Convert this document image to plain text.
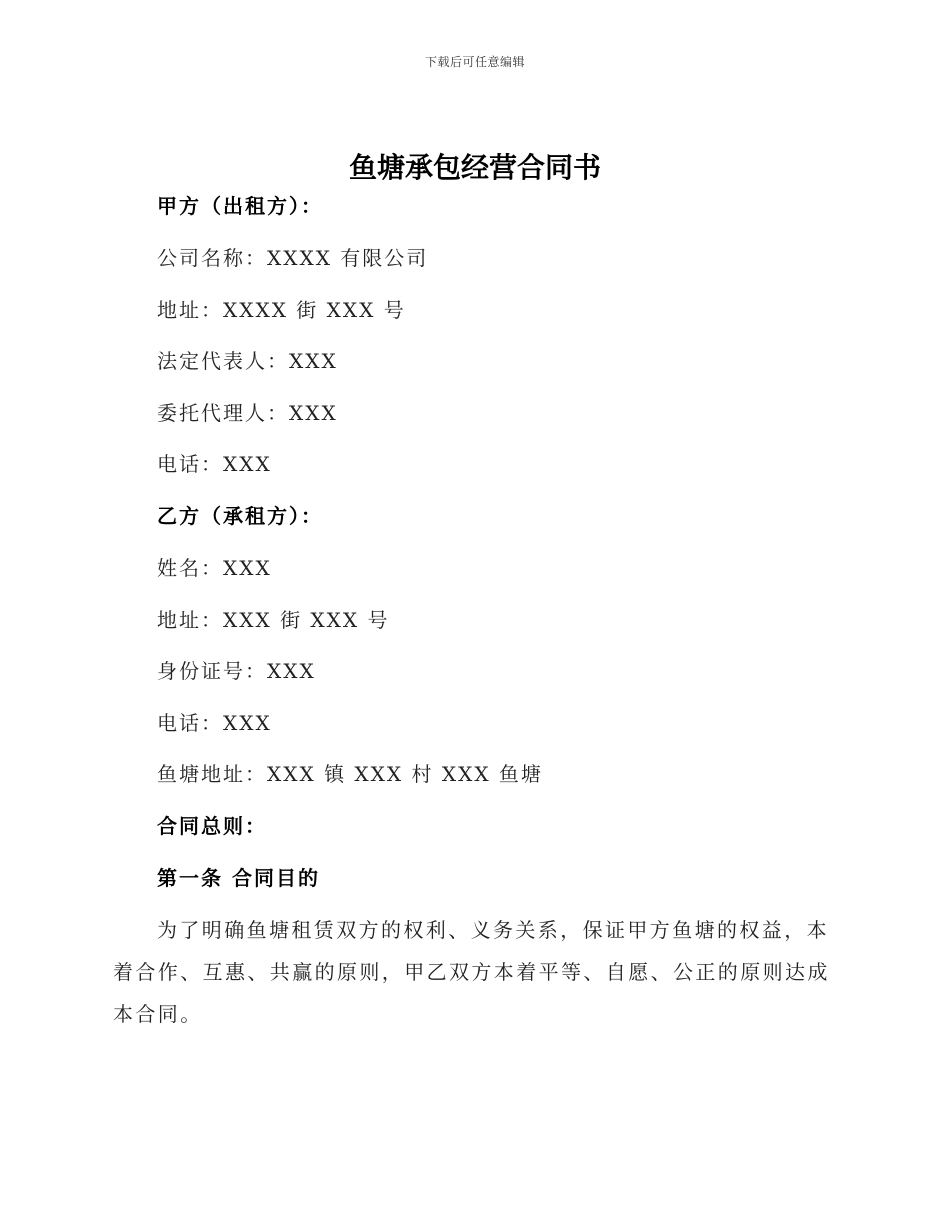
下载后可任意编辑
鱼塘承包经营合同书
甲方（出租方）：
公司名称：XXXX 有限公司
地址：XXXX 街 XXX 号
法定代表人：XXX
委托代理人：XXX
电话：XXX
乙方（承租方）：
姓名：XXX
地址：XXX 街 XXX 号
身份证号：XXX
电话：XXX
鱼塘地址：XXX 镇 XXX 村 XXX 鱼塘
合同总则：
第一条 合同目的

为了明确鱼塘租赁双方的权利、义务关系，保证甲方鱼塘的权益，本着合作、互惠、共赢的原则，甲乙双方本着平等、自愿、公正的原则达成本合同。
